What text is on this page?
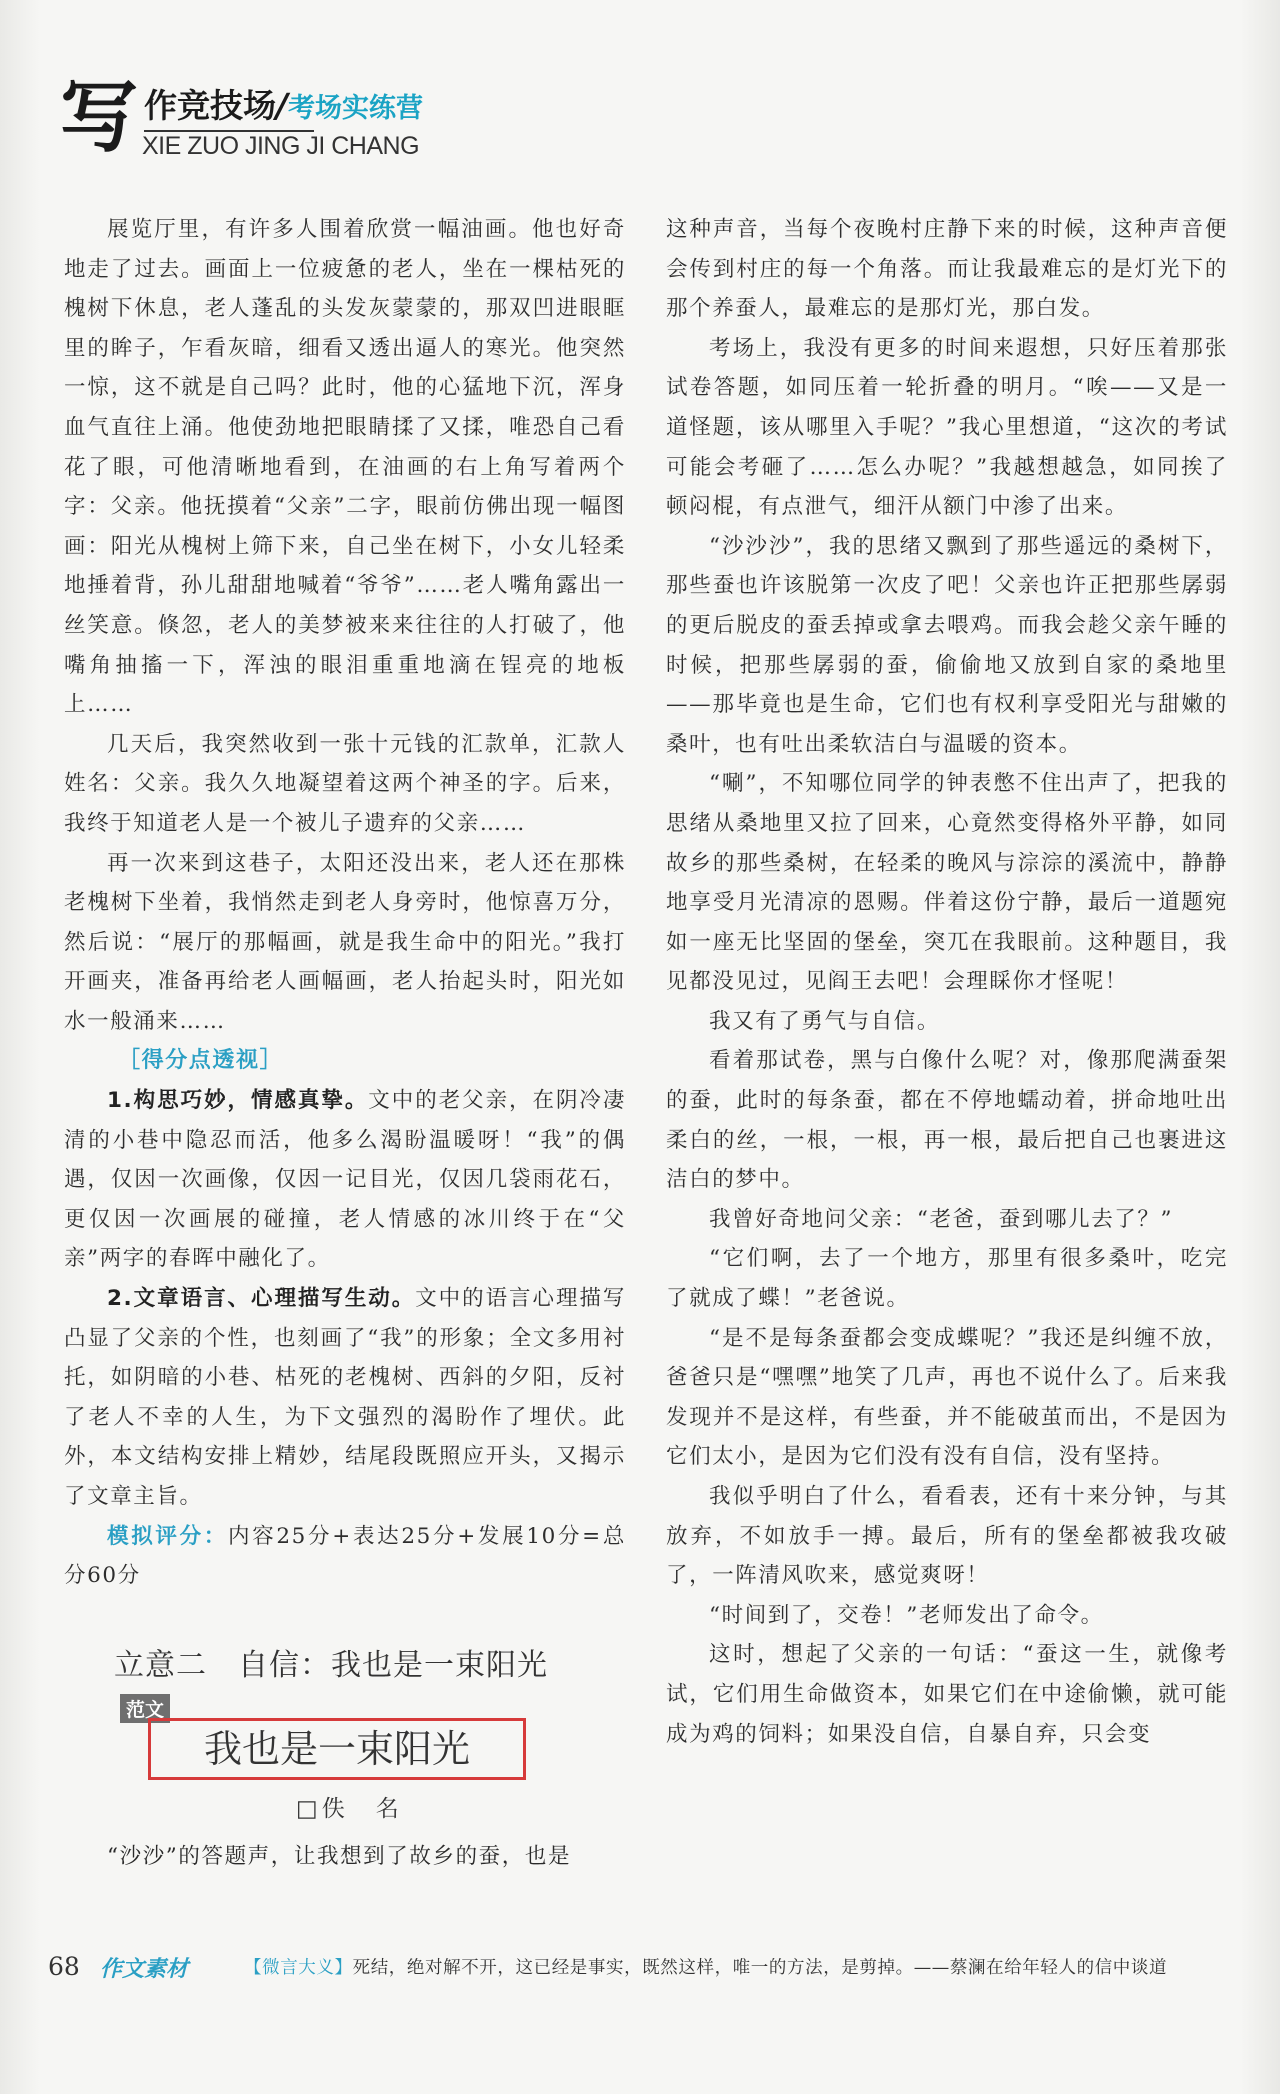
写 作竞技场/考场实练营
XIE ZUO JING JI CHANG

展览厅里，有许多人围着欣赏一幅油画。他也好奇地走了过去。画面上一位疲惫的老人，坐在一棵枯死的槐树下休息，老人蓬乱的头发灰蒙蒙的，那双凹进眼眶里的眸子，乍看灰暗，细看又透出逼人的寒光。他突然一惊，这不就是自己吗？此时，他的心猛地下沉，浑身血气直往上涌。他使劲地把眼睛揉了又揉，唯恐自己看花了眼，可他清晰地看到，在油画的右上角写着两个字：父亲。他抚摸着“父亲”二字，眼前仿佛出现一幅图画：阳光从槐树上筛下来，自己坐在树下，小女儿轻柔地捶着背，孙儿甜甜地喊着“爷爷”……老人嘴角露出一丝笑意。倏忽，老人的美梦被来来往往的人打破了，他嘴角抽搐一下，浑浊的眼泪重重地滴在锃亮的地板上……

几天后，我突然收到一张十元钱的汇款单，汇款人姓名：父亲。我久久地凝望着这两个神圣的字。后来，我终于知道老人是一个被儿子遗弃的父亲……

再一次来到这巷子，太阳还没出来，老人还在那株老槐树下坐着，我悄然走到老人身旁时，他惊喜万分，然后说：“展厅的那幅画，就是我生命中的阳光。”我打开画夹，准备再给老人画幅画，老人抬起头时，阳光如水一般涌来……

［得分点透视］

1.构思巧妙，情感真挚。文中的老父亲，在阴冷凄清的小巷中隐忍而活，他多么渴盼温暖呀！“我”的偶遇，仅因一次画像，仅因一记目光，仅因几袋雨花石，更仅因一次画展的碰撞，老人情感的冰川终于在“父亲”两字的春晖中融化了。

2.文章语言、心理描写生动。文中的语言心理描写凸显了父亲的个性，也刻画了“我”的形象；全文多用衬托，如阴暗的小巷、枯死的老槐树、西斜的夕阳，反衬了老人不幸的人生，为下文强烈的渴盼作了埋伏。此外，本文结构安排上精妙，结尾段既照应开头，又揭示了文章主旨。

模拟评分：内容25分+表达25分+发展10分=总分60分

立意二　自信：我也是一束阳光
范文
我也是一束阳光
□佚　名

“沙沙”的答题声，让我想到了故乡的蚕，也是

这种声音，当每个夜晚村庄静下来的时候，这种声音便会传到村庄的每一个角落。而让我最难忘的是灯光下的那个养蚕人，最难忘的是那灯光，那白发。

考场上，我没有更多的时间来遐想，只好压着那张试卷答题，如同压着一轮折叠的明月。“唉——又是一道怪题，该从哪里入手呢？”我心里想道，“这次的考试可能会考砸了……怎么办呢？”我越想越急，如同挨了顿闷棍，有点泄气，细汗从额门中渗了出来。

“沙沙沙”，我的思绪又飘到了那些遥远的桑树下，那些蚕也许该脱第一次皮了吧！父亲也许正把那些孱弱的更后脱皮的蚕丢掉或拿去喂鸡。而我会趁父亲午睡的时候，把那些孱弱的蚕，偷偷地又放到自家的桑地里——那毕竟也是生命，它们也有权利享受阳光与甜嫩的桑叶，也有吐出柔软洁白与温暖的资本。

“唰”，不知哪位同学的钟表憋不住出声了，把我的思绪从桑地里又拉了回来，心竟然变得格外平静，如同故乡的那些桑树，在轻柔的晚风与淙淙的溪流中，静静地享受月光清凉的恩赐。伴着这份宁静，最后一道题宛如一座无比坚固的堡垒，突兀在我眼前。这种题目，我见都没见过，见阎王去吧！会理睬你才怪呢！

我又有了勇气与自信。

看着那试卷，黑与白像什么呢？对，像那爬满蚕架的蚕，此时的每条蚕，都在不停地蠕动着，拼命地吐出柔白的丝，一根，一根，再一根，最后把自己也裹进这洁白的梦中。

我曾好奇地问父亲：“老爸，蚕到哪儿去了？”

“它们啊，去了一个地方，那里有很多桑叶，吃完了就成了蝶！”老爸说。

“是不是每条蚕都会变成蝶呢？”我还是纠缠不放，爸爸只是“嘿嘿”地笑了几声，再也不说什么了。后来我发现并不是这样，有些蚕，并不能破茧而出，不是因为它们太小，是因为它们没有没有自信，没有坚持。

我似乎明白了什么，看看表，还有十来分钟，与其放弃，不如放手一搏。最后，所有的堡垒都被我攻破了，一阵清风吹来，感觉爽呀！

“时间到了，交卷！”老师发出了命令。

这时，想起了父亲的一句话：“蚕这一生，就像考试，它们用生命做资本，如果它们在中途偷懒，就可能成为鸡的饲料；如果没自信，自暴自弃，只会变

68 作文素材	【微言大义】死结，绝对解不开，这已经是事实，既然这样，唯一的方法，是剪掉。——蔡澜在给年轻人的信中谈道
